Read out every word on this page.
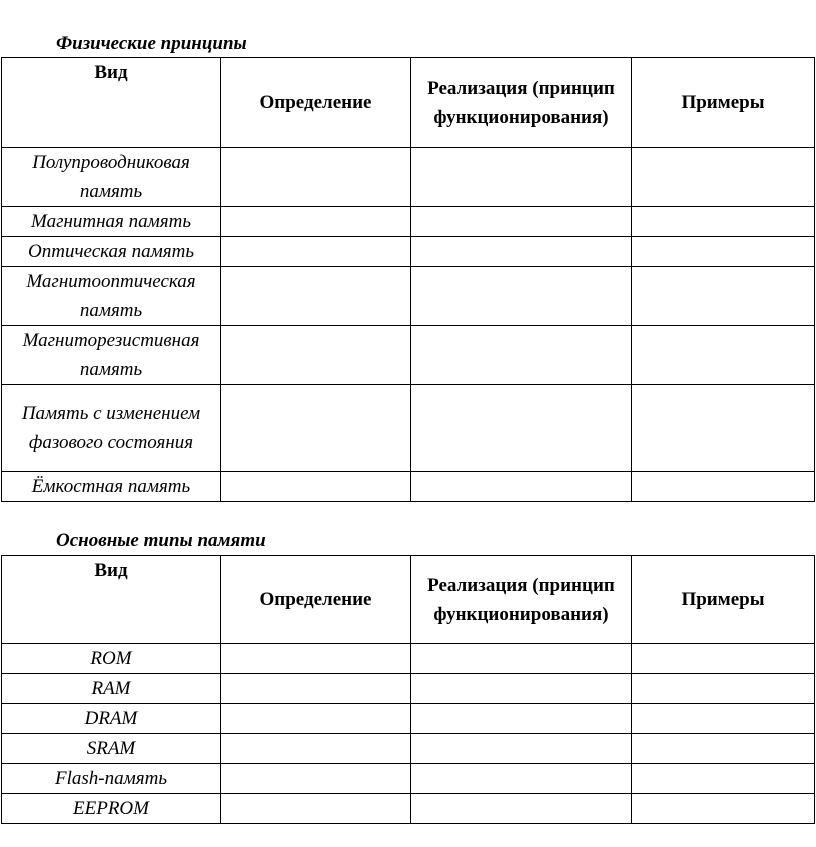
Физические принципы
Вид	Определение	Реализация (принцип функционирования)	Примеры
Полупроводниковая память			
Магнитная память			
Оптическая память			
Магнитооптическая память			
Магниторезистивная память			
Память с изменением фазового состояния			
Ёмкостная память			
Основные типы памяти
Вид	Определение	Реализация (принцип функционирования)	Примеры
ROM			
RAM			
DRAM			
SRAM			
Flash-память			
EEPROM			
